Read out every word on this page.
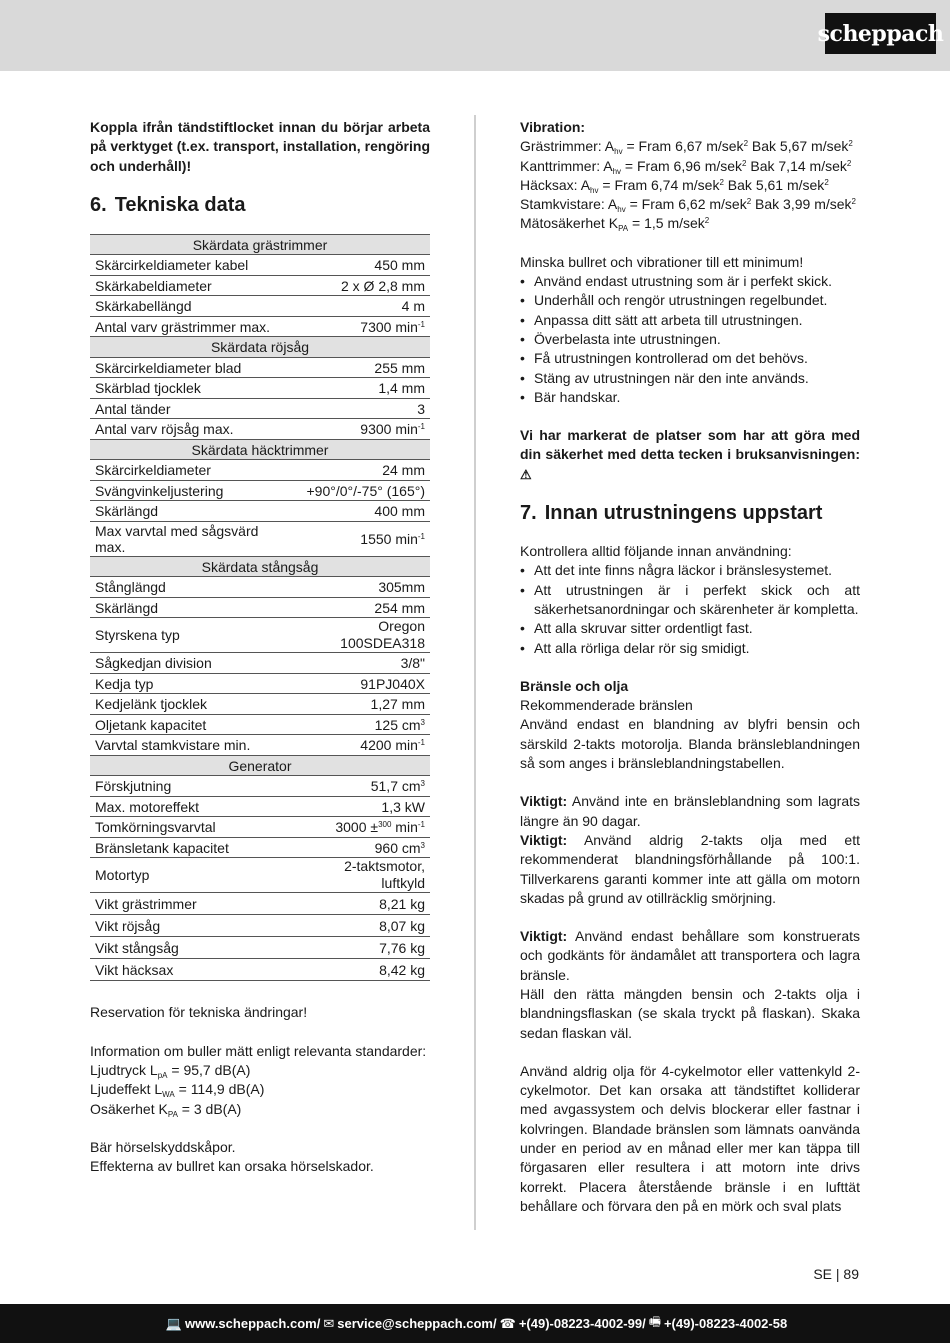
scheppach

Koppla ifrån tändstiftlocket innan du börjar arbeta på verktyget (t.ex. transport, installation, rengöring och underhåll)!

6. Tekniska data
Skärdata grästrimmer	
Skärcirkeldiameter kabel	450 mm
Skärkabeldiameter	2 x Ø 2,8 mm
Skärkabellängd	4 m
Antal varv grästrimmer max.	7300 $\min^{-1}$
Skärdata röjsåg	
Skärcirkeldiameter blad	255 mm
Skärblad tjocklek	1,4 mm
Antal tänder	3
Antal varv röjsåg max.	9300 $\min^{-1}$
Skärdata häcktrimmer	
Skärcirkeldiameter	24 mm
Svängvinkeljustering	+90°/0°/-75° (165°)
Skärlängd	400 mm
Max varvtal med sågsvärd max.	1550 $\min^{-1}$
Skärdata stångsåg	
Stånglängd	305mm
Skärlängd	254 mm
Styrskena typ	Oregon
100SDEA318
Sågkedjan division	3/8"
Kedja typ	91PJ040X
Kedjelänk tjocklek	1,27 mm
Oljetank kapacitet	125 $cm^3$
Varvtal stamkvistare min.	4200 $\min^{-1}$
Generator	
Förskjutning	51,7 $cm^3$
Max. motoreffekt	1,3 kW
Tomkörningsvarvtal	3000 ±$^{300}$ $\min^{-1}$
Bränsletank kapacitet	960 $cm^3$
Motortyp	2-taktsmotor,
luftkyld
Vikt grästrimmer	8,21 kg
Vikt röjsåg	8,07 kg
Vikt stångsåg	7,76 kg
Vikt häcksax	8,42 kg

Reservation för tekniska ändringar!

Information om buller mätt enligt relevanta standarder:

Ljudtryck $L_{pA} = 95,7$ dB(A)

Ljudeffekt $L_{WA} = 114,9$ dB(A)

Osäkerhet $K_{PA} = 3$ dB(A)

Bär hörselskyddskåpor.

Effekterna av bullret kan orsaka hörselskador.

Vibration:

Grästrimmer: $A_{hv}$ = Fram 6,67 m/sek$^2$ Bak 5,67 m/sek$^2$

Kanttrimmer: $A_{hv}$ = Fram 6,96 m/sek$^2$ Bak 7,14 m/sek$^2$

Häcksax: $A_{hv}$ = Fram 6,74 m/sek$^2$ Bak 5,61 m/sek$^2$

Stamkvistare: $A_{hv}$ = Fram 6,62 m/sek$^2$ Bak 3,99 m/sek$^2$

Mätosäkerhet $K_{PA} = 1,5$ m/sek$^2$

Minska bullret och vibrationer till ett minimum!

• Använd endast utrustning som är i perfekt skick.
• Underhåll och rengör utrustningen regelbundet.
• Anpassa ditt sätt att arbeta till utrustningen.
• Överbelasta inte utrustningen.
• Få utrustningen kontrollerad om det behövs.
• Stäng av utrustningen när den inte används.
• Bär handskar.

Vi har markerat de platser som har att göra med din säkerhet med detta tecken i bruksanvisningen: ⚠

7. Innan utrustningens uppstart

Kontrollera alltid följande innan användning:

• Att det inte finns några läckor i bränslesystemet.
• Att utrustningen är i perfekt skick och att säkerhetsanordningar och skärenheter är kompletta.
• Att alla skruvar sitter ordentligt fast.
• Att alla rörliga delar rör sig smidigt.

Bränsle och olja

Rekommenderade bränslen

Använd endast en blandning av blyfri bensin och särskild 2-takts motorolja. Blanda bränsleblandningen så som anges i bränsleblandningstabellen.

Viktigt: Använd inte en bränsleblandning som lagrats längre än 90 dagar.

Viktigt: Använd aldrig 2-takts olja med ett rekommenderat blandningsförhållande på 100:1. Tillverkarens garanti kommer inte att gälla om motorn skadas på grund av otillräcklig smörjning.

Viktigt: Använd endast behållare som konstruerats och godkänts för ändamålet att transportera och lagra bränsle.

Häll den rätta mängden bensin och 2-takts olja i blandningsflaskan (se skala tryckt på flaskan). Skaka sedan flaskan väl.

Använd aldrig olja för 4-cykelmotor eller vattenkyld 2-cykelmotor. Det kan orsaka att tändstiftet kolliderar med avgassystem och delvis blockerar eller fastnar i kolvringen. Blandade bränslen som lämnats oanvända under en period av en månad eller mer kan täppa till förgasaren eller resultera i att motorn inte drivs korrekt. Placera återstående bränsle i en lufttät behållare och förvara den på en mörk och sval plats

SE | 89
💻 www.scheppach.com / ✉ service@scheppach.com / ☎ +(49)-08223-4002-99 / 🖷 +(49)-08223-4002-58
